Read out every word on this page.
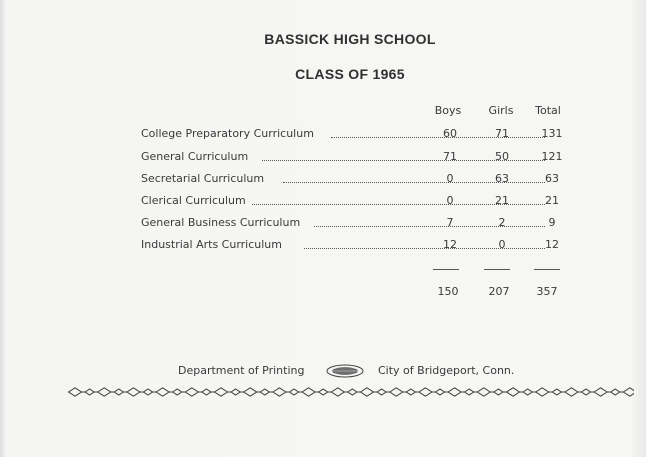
BASSICK HIGH SCHOOL
CLASS OF 1965
Boys	Girls	Total
College Preparatory Curriculum	60	71	131
General Curriculum	71	50	121
Secretarial Curriculum	0	63	63
Clerical Curriculum	0	21	21
General Business Curriculum	7	2	9
Industrial Arts Curriculum	12	0	12
150	207	357
Department of Printing	City of Bridgeport, Conn.
